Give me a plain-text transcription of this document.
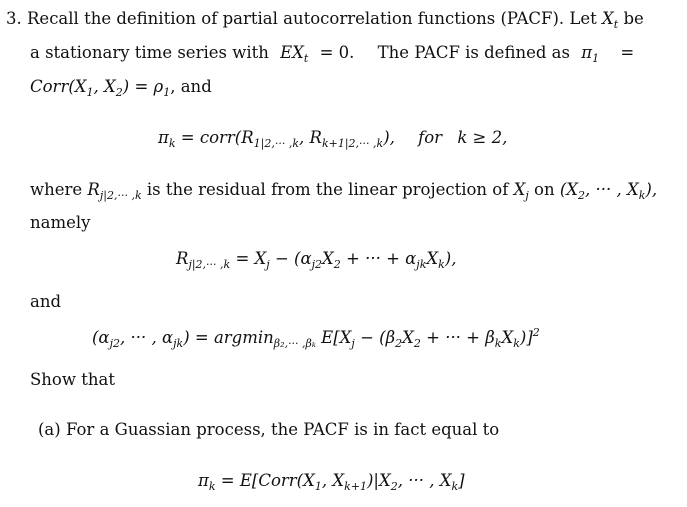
3. Recall the definition of partial autocorrelation functions (PACF). Let $X_t$ be
a stationary time series with $EX_t = 0$. The PACF is defined as $\pi_1$ =
$Corr(X_1$, $X_2) = \rho_1$, and
$\pi_k$ = $corr(R_{1|2,\cdot\cdot\cdot ,k}$, $R_{k+1|2,\cdot\cdot\cdot ,k}$), for k ≥ 2,
where $R_{j|2,\cdot\cdot\cdot ,k}$ is the residual from the linear projection of $X_j$ on ($X_2$, ··· , $X_k$),
namely
$R_{j|2,\cdot\cdot\cdot ,k} = X_j - (\alpha_{j2}X_2$ + ··· + $\alpha_{jk}X_k$),
and
($\alpha_{j2}$, ··· , $\alpha_{jk}) = argmin_{\beta_2,\cdot\cdot\cdot ,\beta_k}$ $E[X_j - (\beta_2X_2$ + ··· + $\beta_kX_k)]^2$
Show that
(a) For a Guassian process, the PACF is in fact equal to
$\pi_k$ = $E[Corr(X_1$, $X_{k+1})|X_2$, ··· , $X_k$]
